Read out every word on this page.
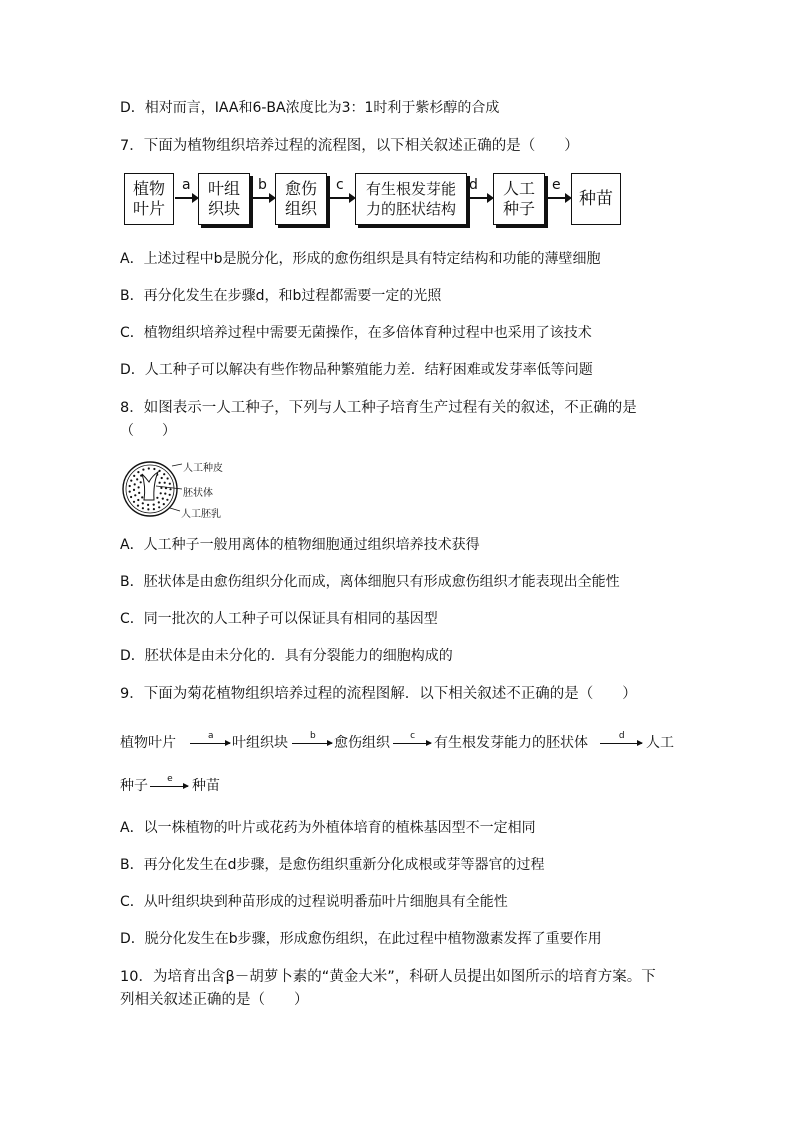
D．相对而言，IAA和6-BA浓度比为3：1时利于紫杉醇的合成
7．下面为植物组织培养过程的流程图，以下相关叙述正确的是（　　）
植物
叶片
a	叶组
织块
b	愈伤
组织
c	有生根发芽能
力的胚状结构
d	人工
种子
e
种苗
A．上述过程中b是脱分化，形成的愈伤组织是具有特定结构和功能的薄壁细胞
B．再分化发生在步骤d，和b过程都需要一定的光照
C．植物组织培养过程中需要无菌操作，在多倍体育种过程中也采用了该技术
D．人工种子可以解决有些作物品种繁殖能力差．结籽困难或发芽率低等问题
8．如图表示一人工种子，下列与人工种子培育生产过程有关的叙述，不正确的是
（　　）
人工种皮
胚状体
人工胚乳
A．人工种子一般用离体的植物细胞通过组织培养技术获得
B．胚状体是由愈伤组织分化而成，离体细胞只有形成愈伤组织才能表现出全能性
C．同一批次的人工种子可以保证具有相同的基因型
D．胚状体是由未分化的．具有分裂能力的细胞构成的
9．下面为菊花植物组织培养过程的流程图解．以下相关叙述不正确的是（　　）
植物叶片	a 叶组织块 b 愈伤组织 c 有生根发芽能力的胚状体	d 人工
种子 e 种苗
A．以一株植物的叶片或花药为外植体培育的植株基因型不一定相同
B．再分化发生在d步骤，是愈伤组织重新分化成根或芽等器官的过程
C．从叶组织块到种苗形成的过程说明番茄叶片细胞具有全能性
D．脱分化发生在b步骤，形成愈伤组织，在此过程中植物激素发挥了重要作用
10．为培育出含β－胡萝卜素的“黄金大米”，科研人员提出如图所示的培育方案。下
列相关叙述正确的是（　　）
